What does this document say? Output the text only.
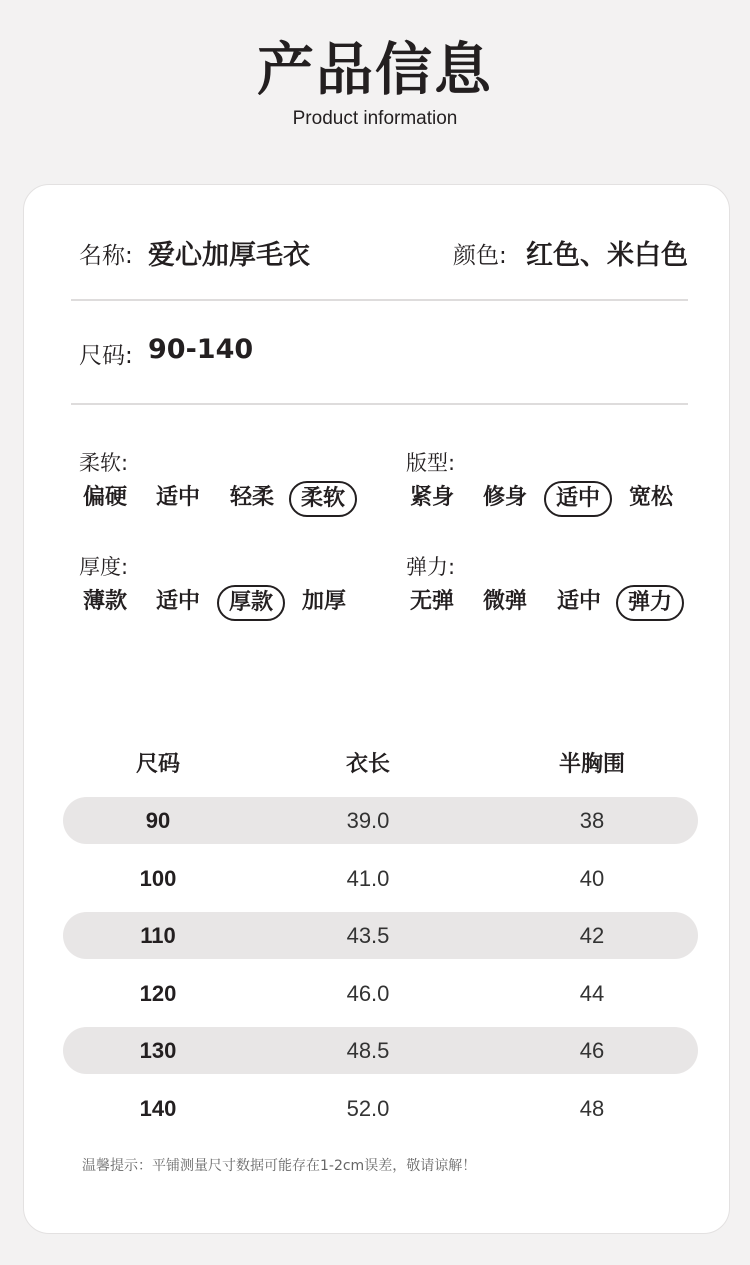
产品信息
Product information
名称: 爱心加厚毛衣	颜色: 红色、米白色
尺码: 90-140
柔软:
偏硬 适中 轻柔	柔软
版型:
紧身 修身	适中	宽松
厚度:
薄款 适中	厚款	加厚
弹力:
无弹 微弹 适中	弹力
尺码	衣长	半胸围
90	39.0	38
100	41.0	40
110	43.5	42
120	46.0	44
130	48.5	46
140	52.0	48
温馨提示：平铺测量尺寸数据可能存在1-2cm误差，敬请谅解！
